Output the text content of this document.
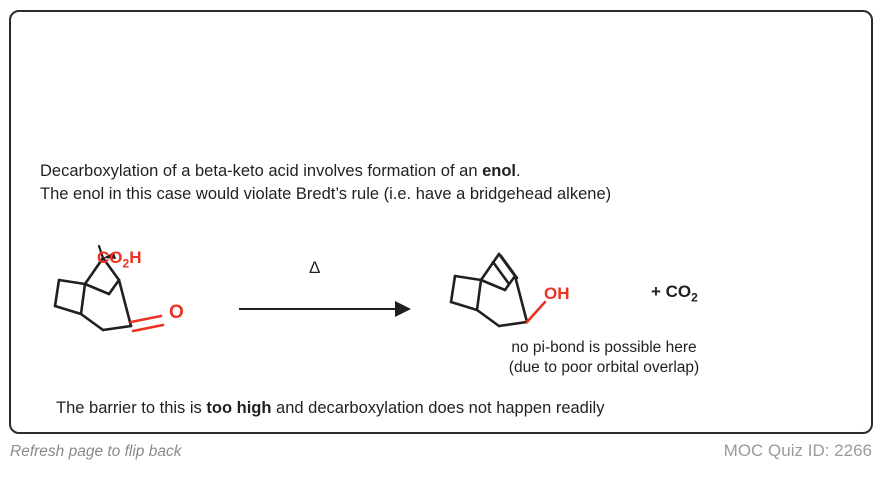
Decarboxylation of a beta-keto acid involves formation of an enol.
The enol in this case would violate Bredt’s rule (i.e. have a bridgehead alkene)
$CO_2H$
O
Δ
OH	+ $CO_2$
no pi-bond is possible here
(due to poor orbital overlap)
The barrier to this is too high and decarboxylation does not happen readily
Refresh page to flip back	MOC Quiz ID: 2266
